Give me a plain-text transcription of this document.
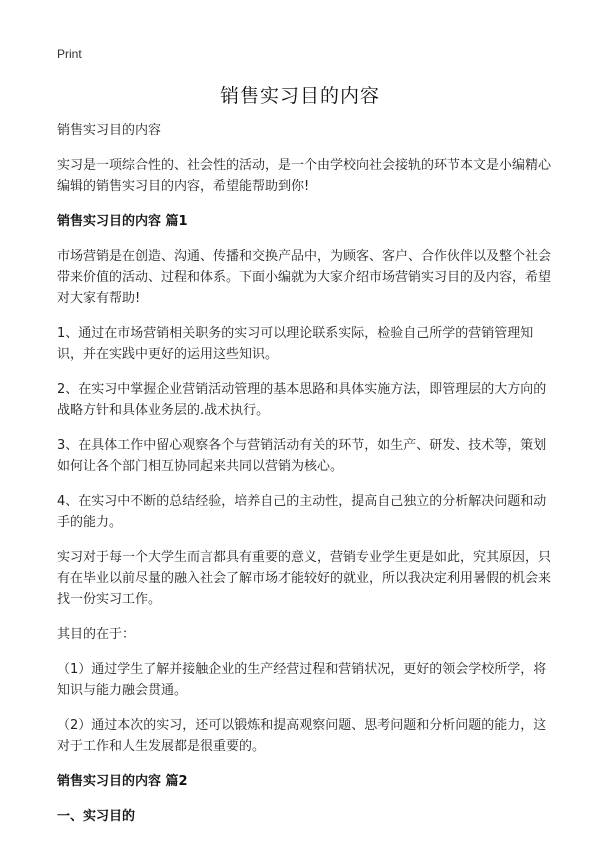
Print
销售实习目的内容

销售实习目的内容

实习是一项综合性的、社会性的活动，是一个由学校向社会接轨的环节本文是小编精心编辑的销售实习目的内容，希望能帮助到你!

销售实习目的内容 篇1

市场营销是在创造、沟通、传播和交换产品中，为顾客、客户、合作伙伴以及整个社会带来价值的活动、过程和体系。下面小编就为大家介绍市场营销实习目的及内容，希望对大家有帮助!

1、通过在市场营销相关职务的实习可以理论联系实际，检验自己所学的营销管理知识，并在实践中更好的运用这些知识。

2、在实习中掌握企业营销活动管理的基本思路和具体实施方法，即管理层的大方向的战略方针和具体业务层的.战术执行。

3、在具体工作中留心观察各个与营销活动有关的环节，如生产、研发、技术等，策划如何让各个部门相互协同起来共同以营销为核心。

4、在实习中不断的总结经验，培养自己的主动性，提高自己独立的分析解决问题和动手的能力。

实习对于每一个大学生而言都具有重要的意义，营销专业学生更是如此，究其原因，只有在毕业以前尽量的融入社会了解市场才能较好的就业，所以我决定利用暑假的机会来找一份实习工作。

其目的在于：

（1）通过学生了解并接触企业的生产经营过程和营销状况，更好的领会学校所学，将知识与能力融会贯通。

（2）通过本次的实习，还可以锻炼和提高观察问题、思考问题和分析问题的能力，这对于工作和人生发展都是很重要的。

销售实习目的内容 篇2

一、实习目的
